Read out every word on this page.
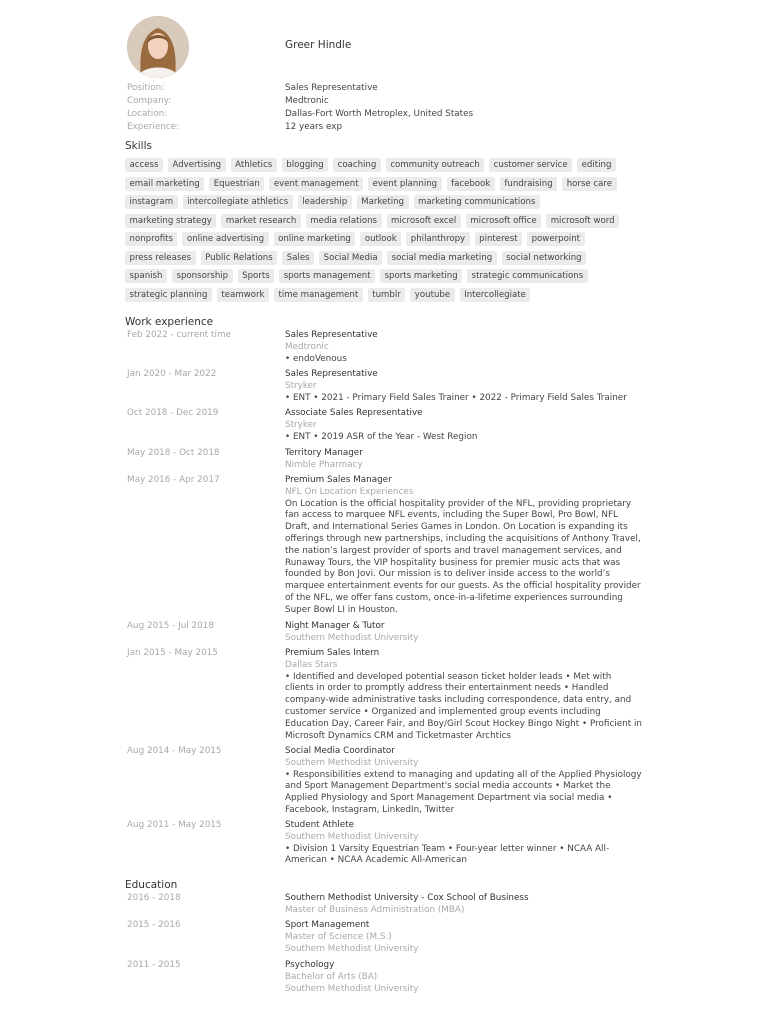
Greer Hindle
Position:	Sales Representative
Company:	Medtronic
Location:	Dallas-Fort Worth Metroplex, United States
Experience:	12 years exp
Skills
access	Advertising	Athletics	blogging	coaching	community outreach	customer service	editing
email marketing	Equestrian	event management	event planning	facebook	fundraising	horse care
instagram	intercollegiate athletics	leadership	Marketing	marketing communications
marketing strategy	market research	media relations	microsoft excel	microsoft office	microsoft word
nonprofits	online advertising	online marketing	outlook	philanthropy	pinterest	powerpoint
press releases	Public Relations	Sales	Social Media	social media marketing	social networking
spanish	sponsorship	Sports	sports management	sports marketing	strategic communications
strategic planning	teamwork	time management	tumblr	youtube	Intercollegiate
Work experience
Feb 2022 - current time	Sales Representative
Medtronic
• endoVenous
Jan 2020 - Mar 2022	Sales Representative
Stryker
• ENT • 2021 - Primary Field Sales Trainer • 2022 - Primary Field Sales Trainer
Oct 2018 - Dec 2019	Associate Sales Representative
Stryker
• ENT • 2019 ASR of the Year - West Region
May 2018 - Oct 2018	Territory Manager
Nimble Pharmacy
May 2016 - Apr 2017	Premium Sales Manager
NFL On Location Experiences
On Location is the official hospitality provider of the NFL, providing proprietary fan access to marquee NFL events, including the Super Bowl, Pro Bowl, NFL Draft, and International Series Games in London. On Location is expanding its offerings through new partnerships, including the acquisitions of Anthony Travel, the nation’s largest provider of sports and travel management services, and Runaway Tours, the VIP hospitality business for premier music acts that was founded by Bon Jovi. Our mission is to deliver inside access to the world’s marquee entertainment events for our guests. As the official hospitality provider of the NFL, we offer fans custom, once-in-a-lifetime experiences surrounding Super Bowl LI in Houston.
Aug 2015 - Jul 2018	Night Manager & Tutor
Southern Methodist University
Jan 2015 - May 2015	Premium Sales Intern
Dallas Stars
• Identified and developed potential season ticket holder leads • Met with clients in order to promptly address their entertainment needs • Handled company-wide administrative tasks including correspondence, data entry, and customer service • Organized and implemented group events including Education Day, Career Fair, and Boy/Girl Scout Hockey Bingo Night • Proficient in Microsoft Dynamics CRM and Ticketmaster Archtics
Aug 2014 - May 2015	Social Media Coordinator
Southern Methodist University
• Responsibilities extend to managing and updating all of the Applied Physiology and Sport Management Department's social media accounts • Market the Applied Physiology and Sport Management Department via social media • Facebook, Instagram, LinkedIn, Twitter
Aug 2011 - May 2015	Student Athlete
Southern Methodist University
• Division 1 Varsity Equestrian Team • Four-year letter winner • NCAA All-American • NCAA Academic All-American
Education
2016 - 2018	Southern Methodist University - Cox School of Business
Master of Business Administration (MBA)
2015 - 2016	Sport Management
Master of Science (M.S.)
Southern Methodist University
2011 - 2015	Psychology
Bachelor of Arts (BA)
Southern Methodist University
